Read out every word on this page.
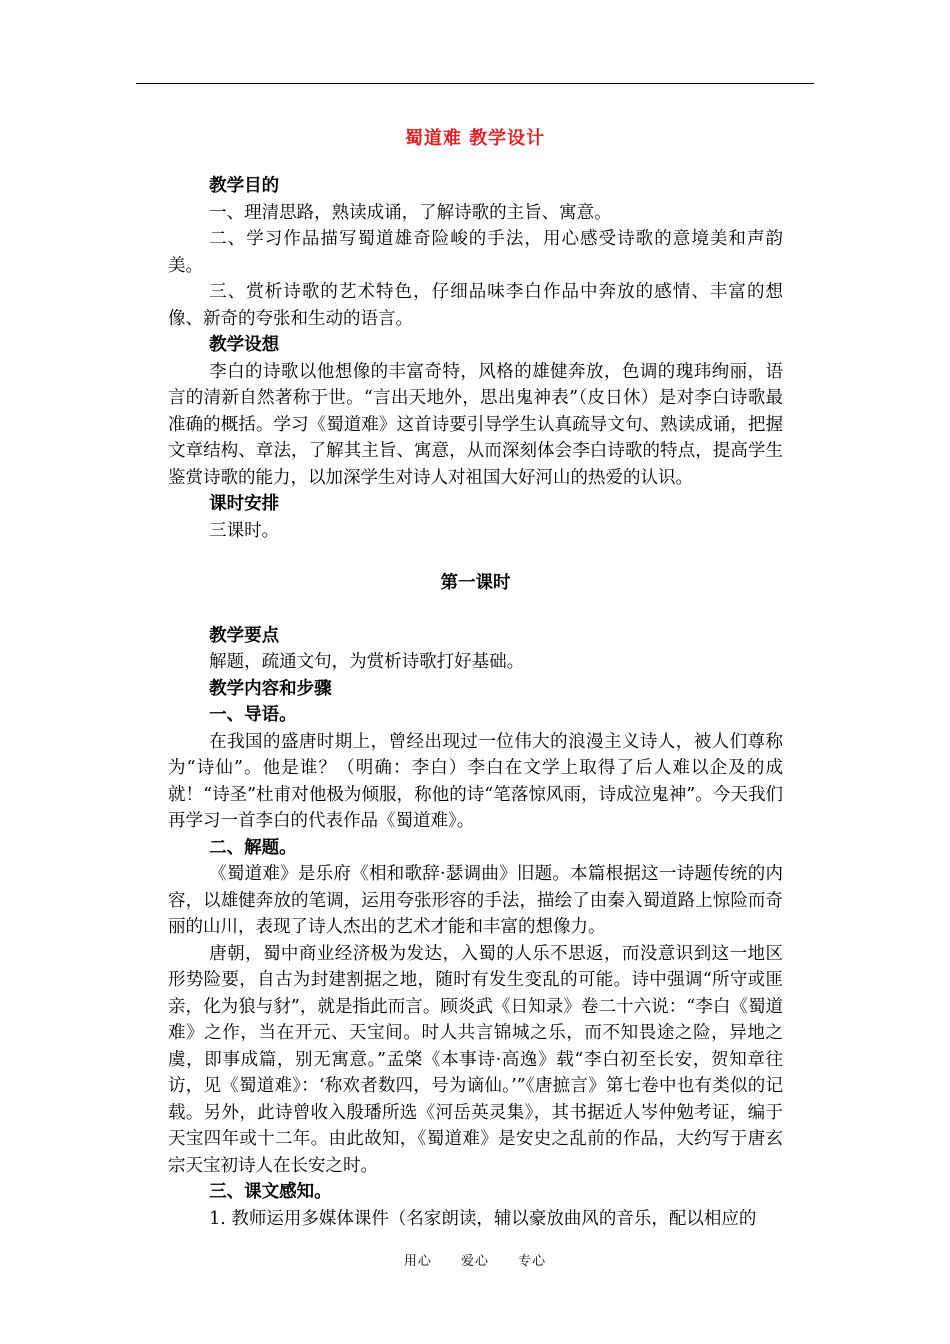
蜀道难 教学设计

教学目的

一、理清思路，熟读成诵，了解诗歌的主旨、寓意。

二、学习作品描写蜀道雄奇险峻的手法，用心感受诗歌的意境美和声韵美。

三、赏析诗歌的艺术特色，仔细品味李白作品中奔放的感情、丰富的想像、新奇的夸张和生动的语言。

教学设想

李白的诗歌以他想像的丰富奇特，风格的雄健奔放，色调的瑰玮绚丽，语言的清新自然著称于世。“言出天地外，思出鬼神表”（皮日休）是对李白诗歌最准确的概括。学习《蜀道难》这首诗要引导学生认真疏导文句、熟读成诵，把握文章结构、章法，了解其主旨、寓意，从而深刻体会李白诗歌的特点，提高学生鉴赏诗歌的能力，以加深学生对诗人对祖国大好河山的热爱的认识。

课时安排

三课时。

第一课时

教学要点

解题，疏通文句，为赏析诗歌打好基础。

教学内容和步骤

一、导语。

在我国的盛唐时期上，曾经出现过一位伟大的浪漫主义诗人，被人们尊称为“诗仙”。他是谁？（明确：李白）李白在文学上取得了后人难以企及的成就！“诗圣”杜甫对他极为倾服，称他的诗“笔落惊风雨，诗成泣鬼神”。今天我们再学习一首李白的代表作品《蜀道难》。

二、解题。

《蜀道难》是乐府《相和歌辞·瑟调曲》旧题。本篇根据这一诗题传统的内容，以雄健奔放的笔调，运用夸张形容的手法，描绘了由秦入蜀道路上惊险而奇丽的山川，表现了诗人杰出的艺术才能和丰富的想像力。

唐朝，蜀中商业经济极为发达，入蜀的人乐不思返，而没意识到这一地区形势险要，自古为封建割据之地，随时有发生变乱的可能。诗中强调“所守或匪亲，化为狼与豺”，就是指此而言。顾炎武《日知录》卷二十六说：“李白《蜀道难》之作，当在开元、天宝间。时人共言锦城之乐，而不知畏途之险，异地之虞，即事成篇，别无寓意。”孟棨《本事诗·高逸》载“李白初至长安，贺知章往访，见《蜀道难》：‘称欢者数四，号为谪仙。’”《唐摭言》第七卷中也有类似的记载。另外，此诗曾收入殷璠所选《河岳英灵集》，其书据近人岑仲勉考证，编于天宝四年或十二年。由此故知，《蜀道难》是安史之乱前的作品，大约写于唐玄宗天宝初诗人在长安之时。

三、课文感知。

1. 教师运用多媒体课件（名家朗读，辅以豪放曲风的音乐，配以相应的

用心 爱心 专心
